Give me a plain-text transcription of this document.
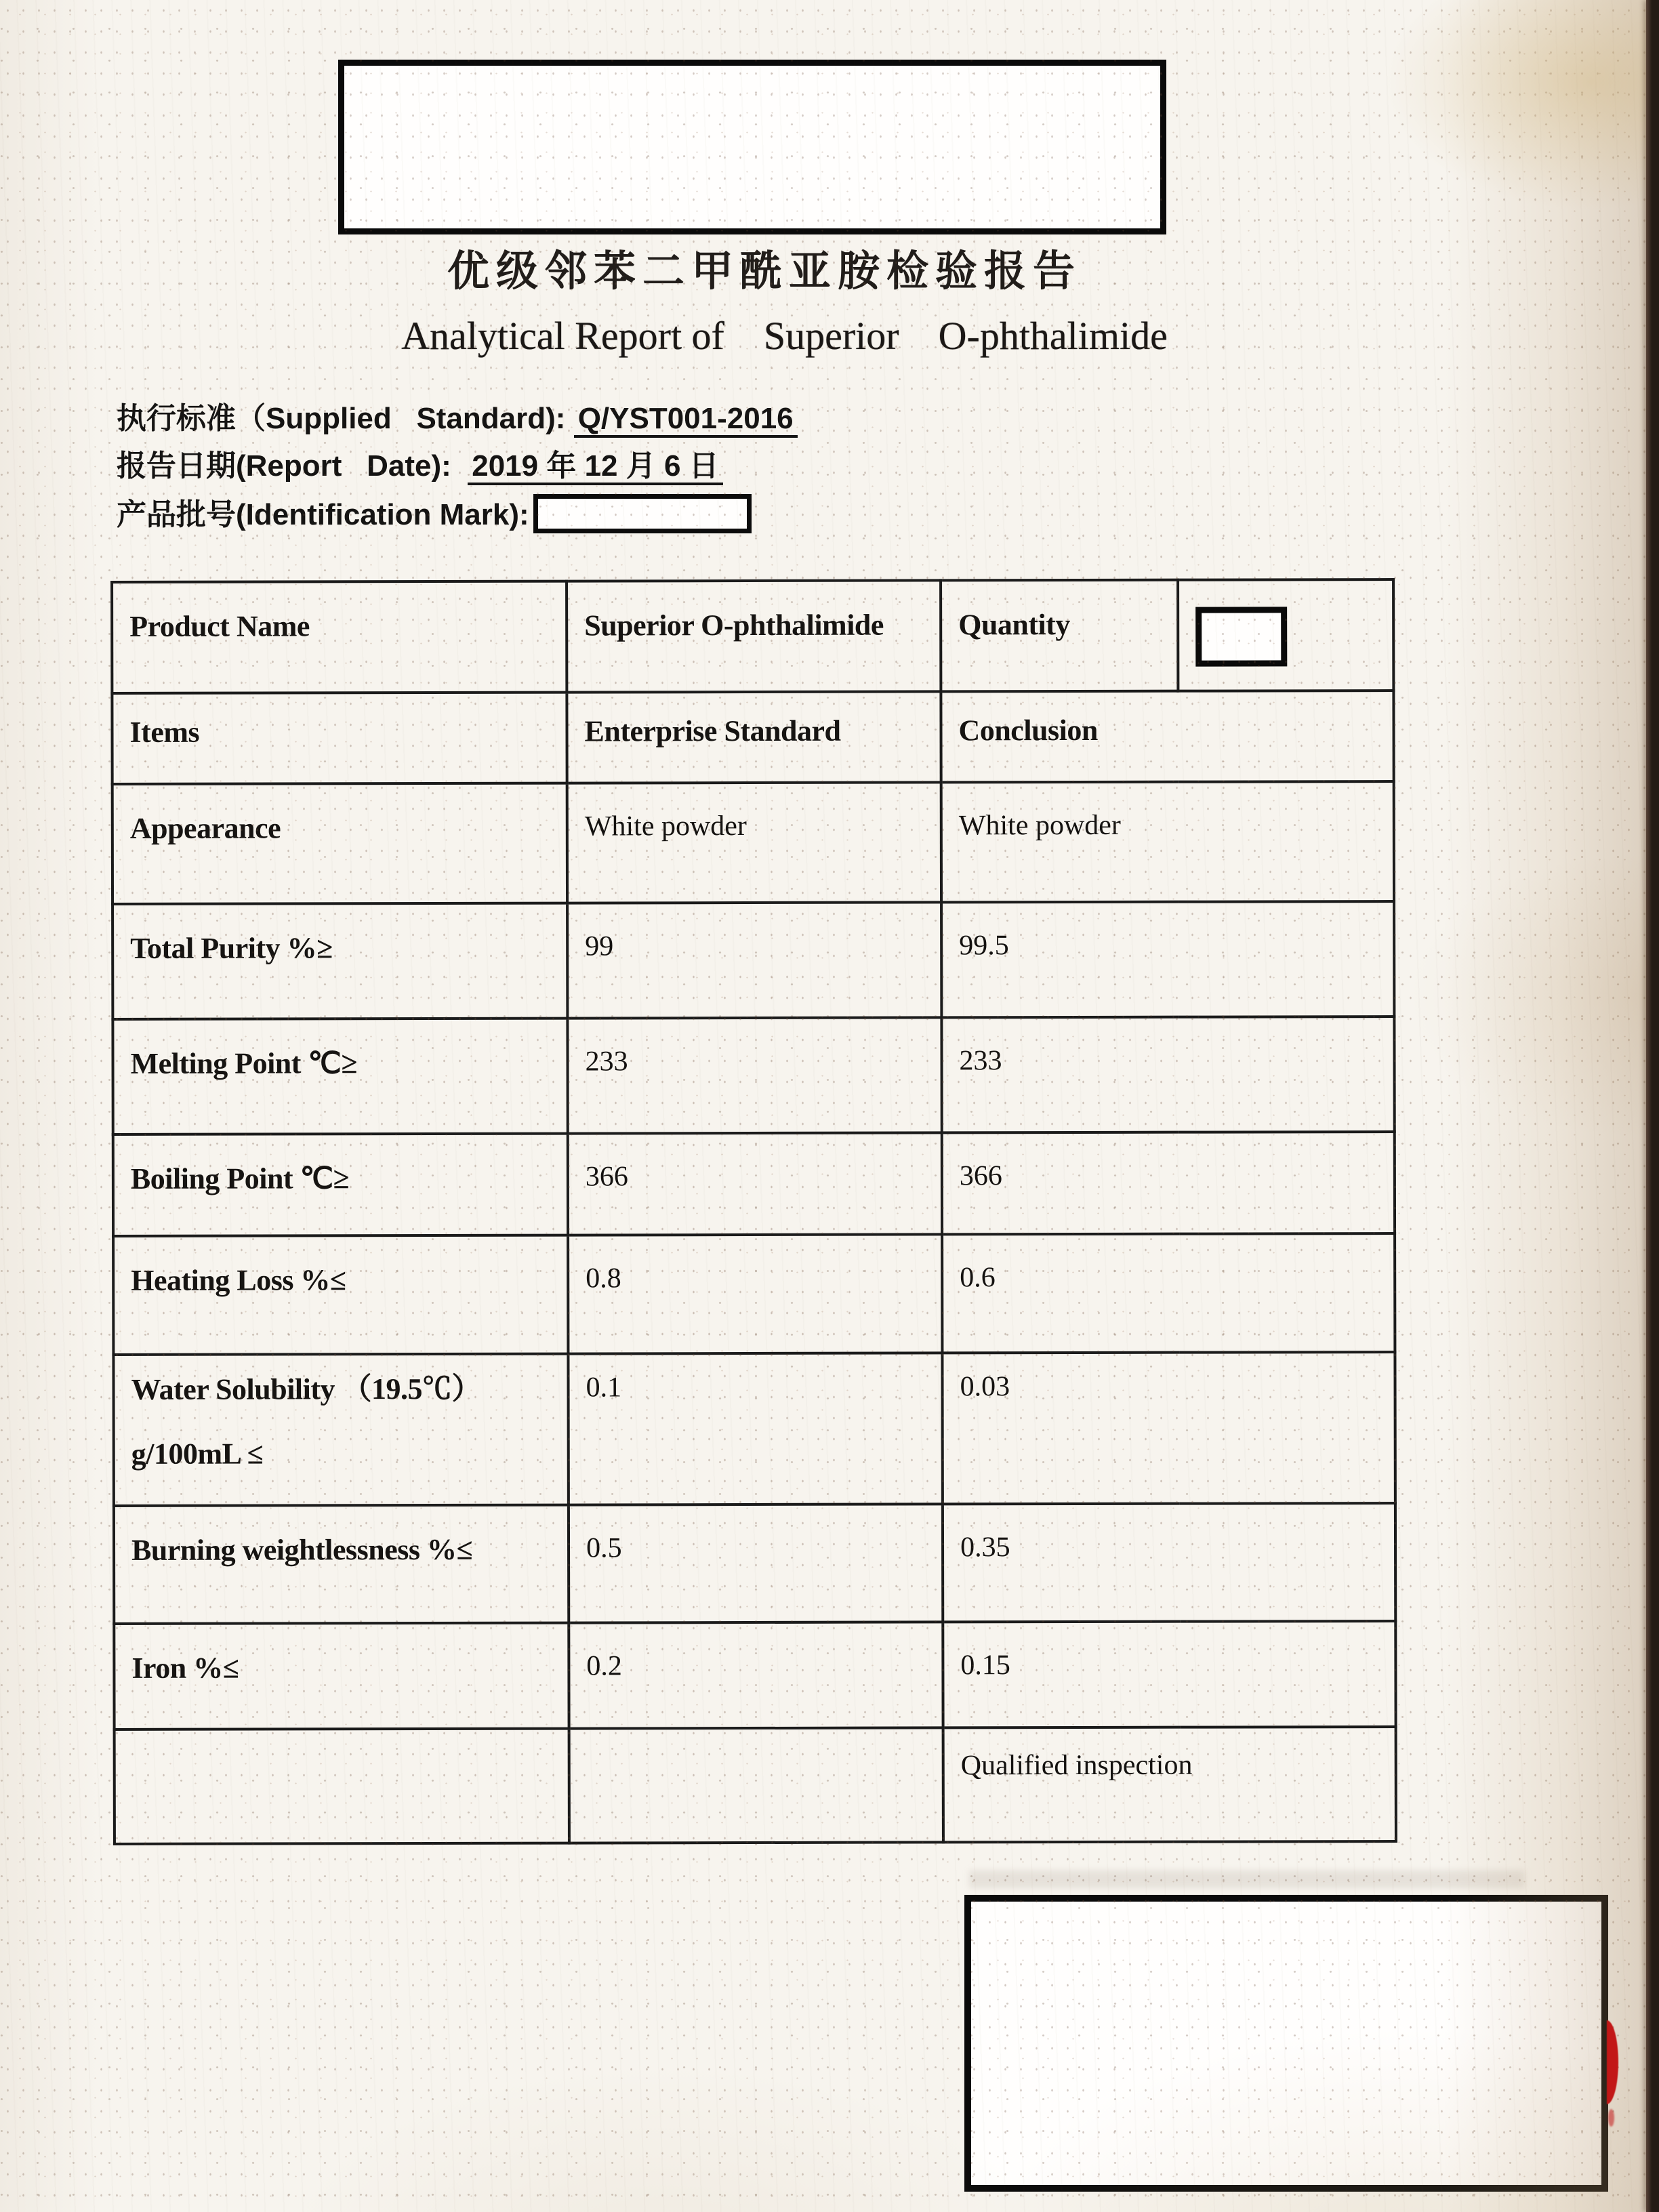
优级邻苯二甲酰亚胺检验报告
Analytical Report of    Superior    O-phthalimide
执行标准（Supplied   Standard): Q/YST001-2016
报告日期(Report   Date):  2019 年 12 月 6 日
产品批号(Identification Mark):
Product Name	Superior O-phthalimide	Quantity	

Items	Enterprise Standard	Conclusion	
Appearance	White powder	White powder	
Total Purity %≥	99	99.5	
Melting Point ℃≥	233	233	
Boiling Point ℃≥	366	366	
Heating Loss %≤	0.8	0.6	
Water Solubility （19.5℃）

g/100mL ≤	0.1	0.03	
Burning weightlessness %≤	0.5	0.35	
Iron %≤	0.2	0.15	
		Qualified inspection	
